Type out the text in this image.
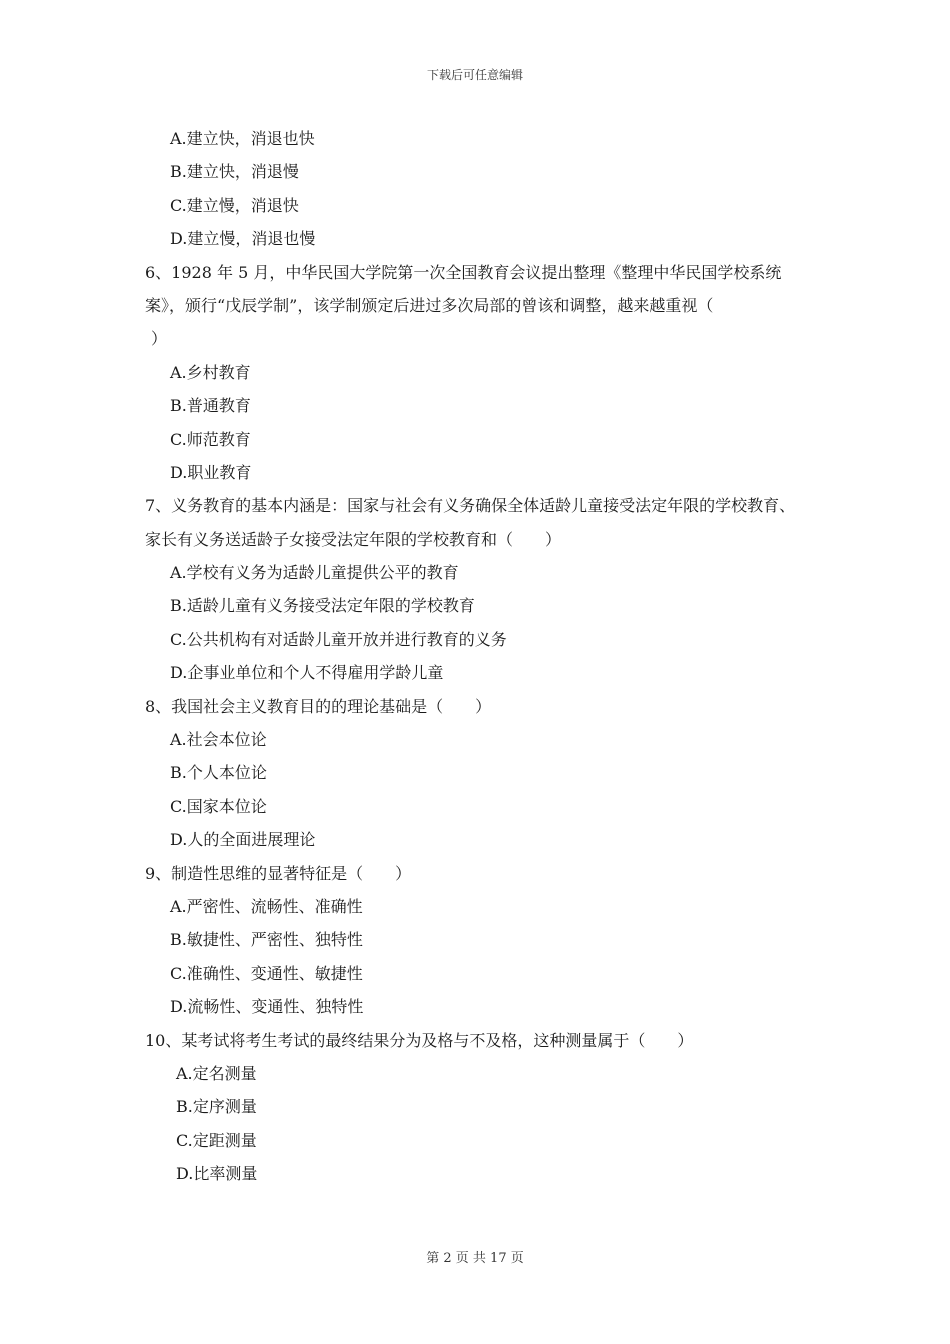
下载后可任意编辑
A.建立快，消退也快
B.建立快，消退慢
C.建立慢，消退快
D.建立慢，消退也慢
6、1928 年 5 月，中华民国大学院第一次全国教育会议提出整理《整理中华民国学校系统
案》，颁行“戊辰学制”，该学制颁定后进过多次局部的曾该和调整，越来越重视（
）
A.乡村教育
B.普通教育
C.师范教育
D.职业教育
7、义务教育的基本内涵是：国家与社会有义务确保全体适龄儿童接受法定年限的学校教育、
家长有义务送适龄子女接受法定年限的学校教育和（　　）
A.学校有义务为适龄儿童提供公平的教育
B.适龄儿童有义务接受法定年限的学校教育
C.公共机构有对适龄儿童开放并进行教育的义务
D.企事业单位和个人不得雇用学龄儿童
8、我国社会主义教育目的的理论基础是（　　）
A.社会本位论
B.个人本位论
C.国家本位论
D.人的全面进展理论
9、制造性思维的显著特征是（　　）
A.严密性、流畅性、准确性
B.敏捷性、严密性、独特性
C.准确性、变通性、敏捷性
D.流畅性、变通性、独特性
10、某考试将考生考试的最终结果分为及格与不及格，这种测量属于（　　）
A.定名测量
B.定序测量
C.定距测量
D.比率测量
第 2 页 共 17 页
